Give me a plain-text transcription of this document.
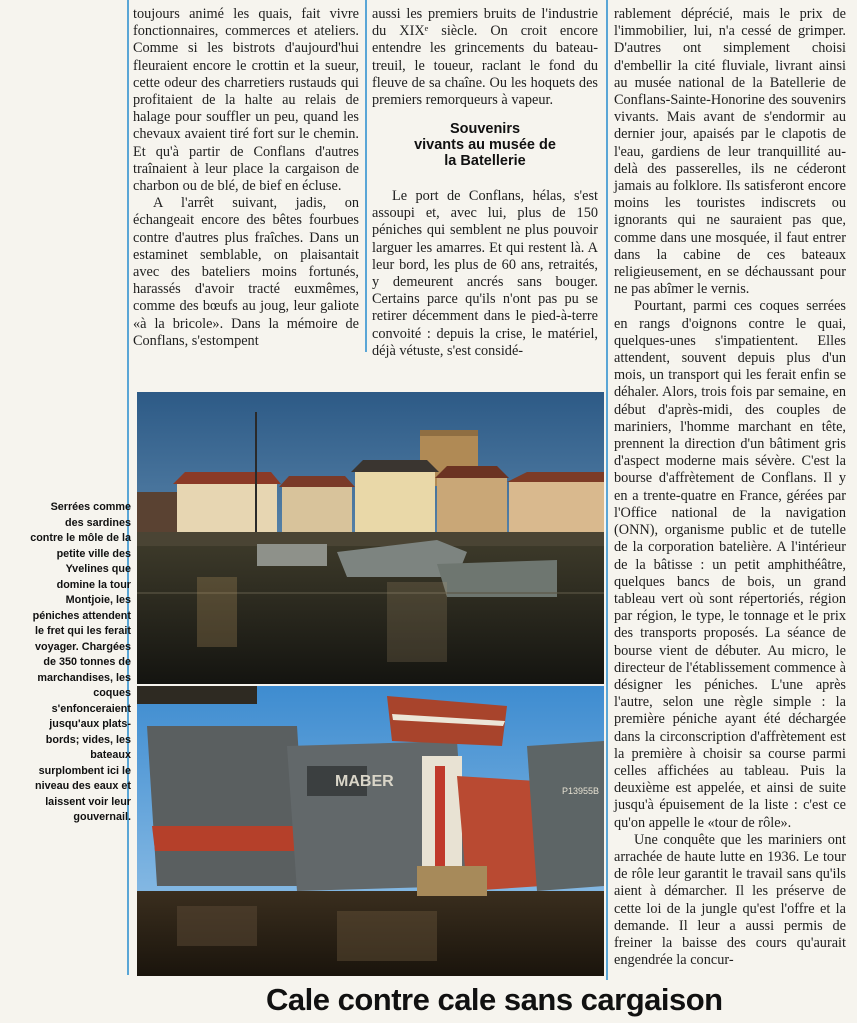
toujours animé les quais, fait vivre fonctionnaires, commerces et ateliers. Comme si les bistrots d'aujourd'hui fleuraient encore le crottin et la sueur, cette odeur des charretiers rustauds qui profitaient de la halte au relais de halage pour souffler un peu, quand les chevaux avaient tiré fort sur le chemin. Et qu'à partir de Conflans d'autres traînaient à leur place la cargaison de charbon ou de blé, de bief en écluse.

A l'arrêt suivant, jadis, on échangeait encore des bêtes fourbues contre d'autres plus fraîches. Dans un estaminet semblable, on plaisantait avec des bateliers moins fortunés, harassés d'avoir tracté euxmêmes, comme des bœufs au joug, leur galiote «à la bricole». Dans la mémoire de Conflans, s'estompent

aussi les premiers bruits de l'industrie du XIXᵉ siècle. On croit encore entendre les grincements du bateau-treuil, le toueur, raclant le fond du fleuve de sa chaîne. Ou les hoquets des premiers remorqueurs à vapeur.

Souvenirs
vivants au musée de
la Batellerie

Le port de Conflans, hélas, s'est assoupi et, avec lui, plus de 150 péniches qui semblent ne plus pouvoir larguer les amarres. Et qui restent là. A leur bord, les plus de 60 ans, retraités, y demeurent ancrés sans bouger. Certains parce qu'ils n'ont pas pu se retirer décemment dans le pied-à-terre convoité : depuis la crise, le matériel, déjà vétuste, s'est considé-

rablement déprécié, mais le prix de l'immobilier, lui, n'a cessé de grimper. D'autres ont simplement choisi d'embellir la cité fluviale, livrant ainsi au musée national de la Batellerie de Conflans-Sainte-Honorine des souvenirs vivants. Mais avant de s'endormir au dernier jour, apaisés par le clapotis de l'eau, gardiens de leur tranquillité au-delà des passerelles, ils ne céderont jamais au folklore. Ils satisferont encore moins les touristes indiscrets ou ignorants qui ne sauraient pas que, comme dans une mosquée, il faut entrer dans la cabine de ces bateaux religieusement, en se déchaussant pour ne pas abîmer le vernis.

Pourtant, parmi ces coques serrées en rangs d'oignons contre le quai, quelques-unes s'impatientent. Elles attendent, souvent depuis plus d'un mois, un transport qui les ferait enfin se déhaler. Alors, trois fois par semaine, en début d'après-midi, des couples de mariniers, l'homme marchant en tête, prennent la direction d'un bâtiment gris d'aspect moderne mais sévère. C'est la bourse d'affrètement de Conflans. Il y en a trente-quatre en France, gérées par l'Office national de la navigation (ONN), organisme public et de tutelle de la corporation batelière. A l'intérieur de la bâtisse : un petit amphithéâtre, quelques bancs de bois, un grand tableau vert où sont répertoriés, région par région, le type, le tonnage et le prix des transports proposés. La séance de bourse vient de débuter. Au micro, le directeur de l'établissement commence à désigner les péniches. L'une après l'autre, selon une règle simple : la première péniche ayant été déchargée dans la circonscription d'affrètement est la première à choisir sa course parmi celles affichées au tableau. Puis la deuxième est appelée, et ainsi de suite jusqu'à épuisement de la liste : c'est ce qu'on appelle le «tour de rôle».

Une conquête que les mariniers ont arrachée de haute lutte en 1936. Le tour de rôle leur garantit le travail sans qu'ils aient à démarcher. Il les préserve de cette loi de la jungle qu'est l'offre et la demande. Il leur a aussi permis de freiner la baisse des cours qu'aurait engendrée la concur-

Serrées comme des sardines contre le môle de la petite ville des Yvelines que domine la tour Montjoie, les péniches attendent le fret qui les ferait voyager. Chargées de 350 tonnes de marchandises, les coques s'enfonceraient jusqu'aux plats-bords; vides, les bateaux surplombent ici le niveau des eaux et laissent voir leur gouvernail.
MABER
P13955B
Cale contre cale sans cargaison
